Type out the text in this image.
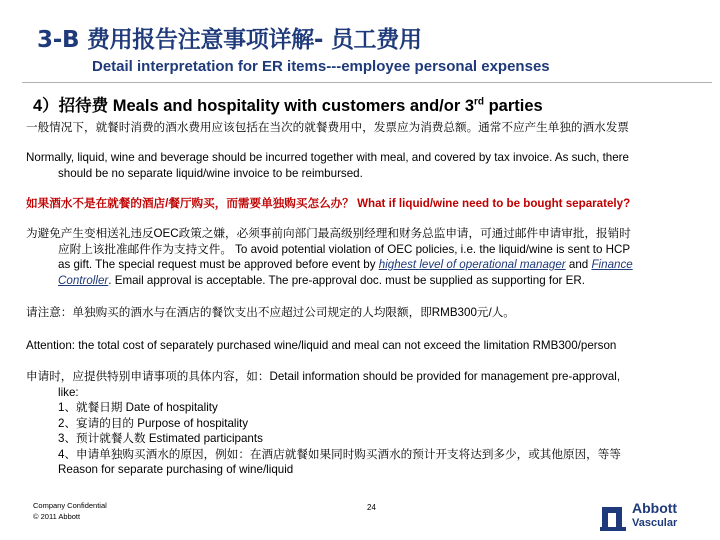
3-B 费用报告注意事项详解- 员工费用
Detail interpretation for ER items---employee personal expenses
4）招待费 Meals and hospitality with customers and/or 3rd parties
一般情况下，就餐时消费的酒水费用应该包括在当次的就餐费用中，发票应为消费总额。通常不应产生单独的酒水发票
Normally, liquid, wine and beverage should be incurred together with meal, and covered by tax invoice. As such, there
should be no separate liquid/wine invoice to be reimbursed.
如果酒水不是在就餐的酒店/餐厅购买，而需要单独购买怎么办？ What if liquid/wine need to be bought separately?
为避免产生变相送礼违反OEC政策之嫌，必须事前向部门最高级别经理和财务总监申请，可通过邮件申请审批，报销时
应附上该批准邮件作为支持文件。 To avoid potential violation of OEC policies, i.e. the liquid/wine is sent to HCP
as gift. The special request must be approved before event by highest level of operational manager and Finance
Controller. Email approval is acceptable. The pre-approval doc. must be supplied as supporting for ER.
请注意：单独购买的酒水与在酒店的餐饮支出不应超过公司规定的人均限额，即RMB300元/人。
Attention: the total cost of separately purchased wine/liquid and meal can not exceed the limitation RMB300/person
申请时，应提供特别申请事项的具体内容，如：Detail information should be provided for management pre-approval,
like:
1、就餐日期 Date of hospitality
2、宴请的目的 Purpose of hospitality
3、预计就餐人数 Estimated participants
4、申请单独购买酒水的原因，例如：在酒店就餐如果同时购买酒水的预计开支将达到多少，或其他原因，等等
Reason for separate purchasing of wine/liquid
Company Confidential
© 2011 Abbott
24	Abbott
Vascular
